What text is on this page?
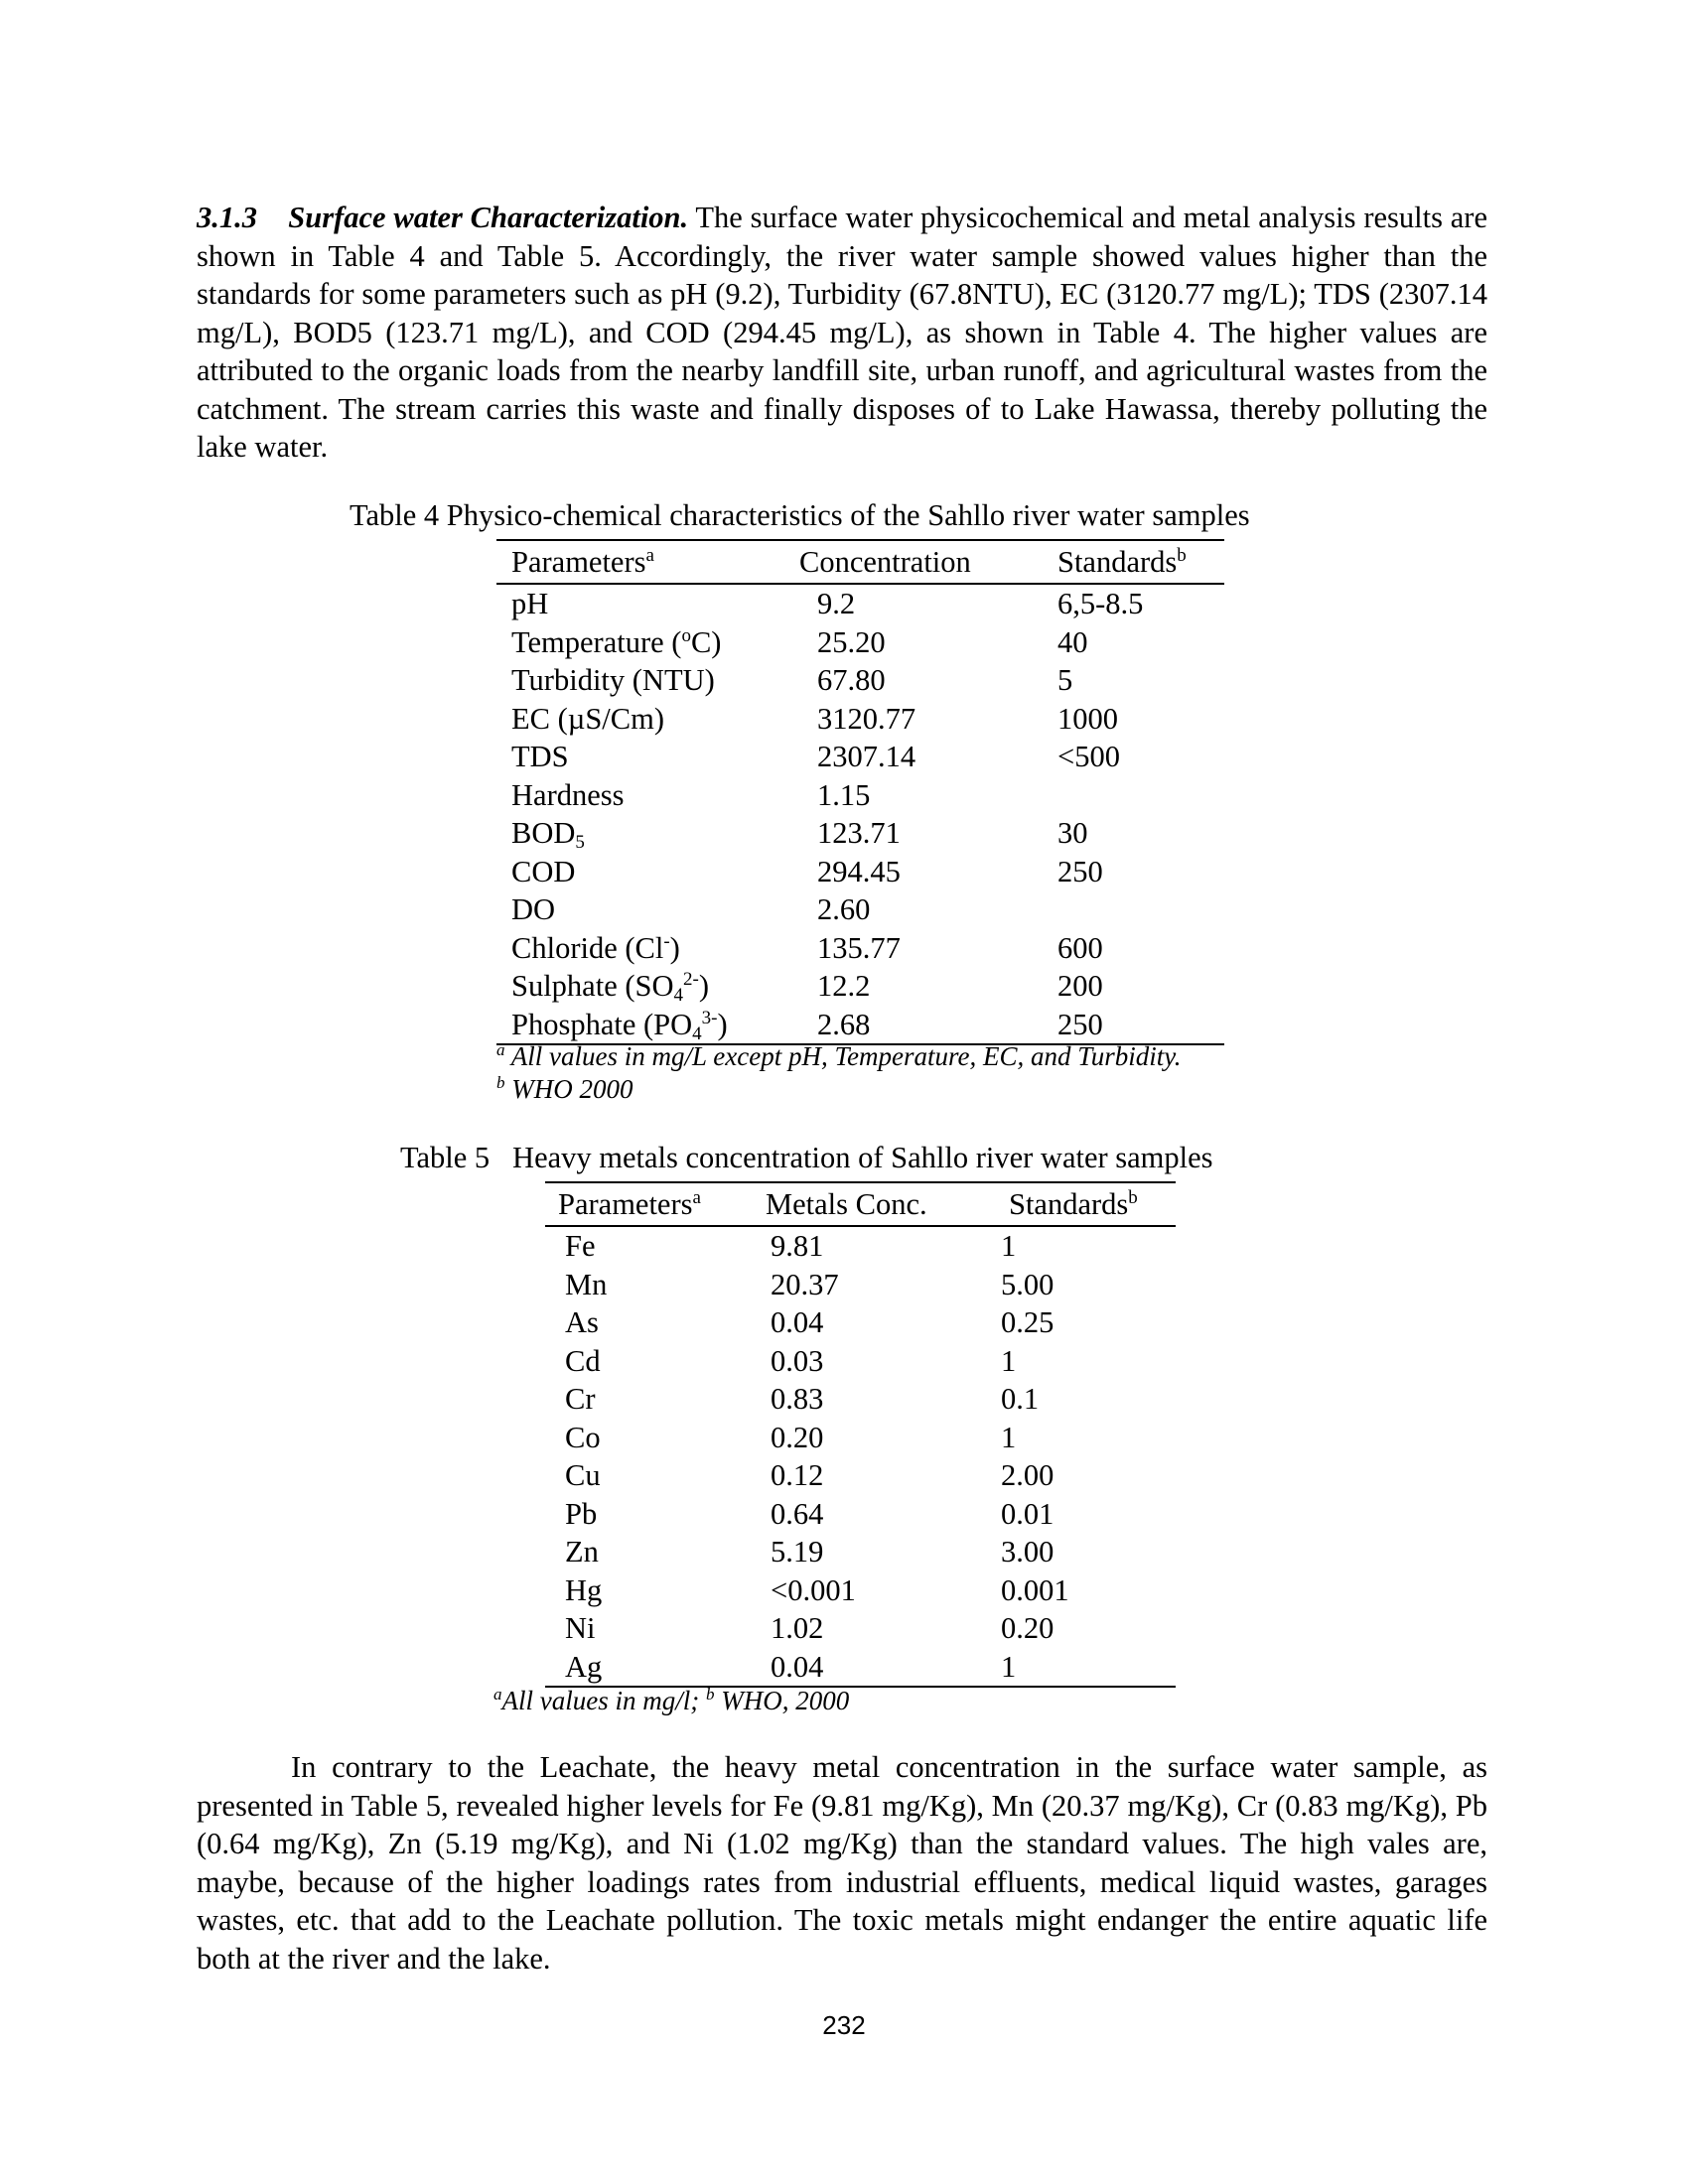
3.1.3 Surface water Characterization. The surface water physicochemical and metal analysis results are shown in Table 4 and Table 5. Accordingly, the river water sample showed values higher than the standards for some parameters such as pH (9.2), Turbidity (67.8NTU), EC (3120.77 mg/L); TDS (2307.14 mg/L), BOD5 (123.71 mg/L), and COD (294.45 mg/L), as shown in Table 4. The higher values are attributed to the organic loads from the nearby landfill site, urban runoff, and agricultural wastes from the catchment. The stream carries this waste and finally disposes of to Lake Hawassa, thereby polluting the lake water.

Table 4 Physico-chemical characteristics of the Sahllo river water samples
Parameters$^a$	Concentration	Standards$^b$
pH	9.2	6,5-8.5
Temperature ($^o$C)	25.20	40
Turbidity (NTU)	67.80	5
EC (µS/Cm)	3120.77	1000
TDS	2307.14	<500
Hardness	1.15	
$BOD_5$	123.71	30
COD	294.45	250
DO	2.60	
Chloride (Cl-)	135.77	600
Sulphate $(SO_4^{2-})$	12.2	200
Phosphate $(PO_4^{3-})$	2.68	250
$^a$ All values in mg/L except pH, Temperature, EC, and Turbidity.
$^b$ WHO 2000
Table 5   Heavy metals concentration of Sahllo river water samples
Parameters$^a$	Metals Conc.	Standards$^b$
Fe	9.81	1
Mn	20.37	5.00
As	0.04	0.25
Cd	0.03	1
Cr	0.83	0.1
Co	0.20	1
Cu	0.12	2.00
Pb	0.64	0.01
Zn	5.19	3.00
Hg	<0.001	0.001
Ni	1.02	0.20
Ag	0.04	1
$^a$All values in mg/l; $^b$ WHO, 2000

In contrary to the Leachate, the heavy metal concentration in the surface water sample, as presented in Table 5, revealed higher levels for Fe (9.81 mg/Kg), Mn (20.37 mg/Kg), Cr (0.83 mg/Kg), Pb (0.64 mg/Kg), Zn (5.19 mg/Kg), and Ni (1.02 mg/Kg) than the standard values. The high vales are, maybe, because of the higher loadings rates from industrial effluents, medical liquid wastes, garages wastes, etc. that add to the Leachate pollution. The toxic metals might endanger the entire aquatic life both at the river and the lake.

232
